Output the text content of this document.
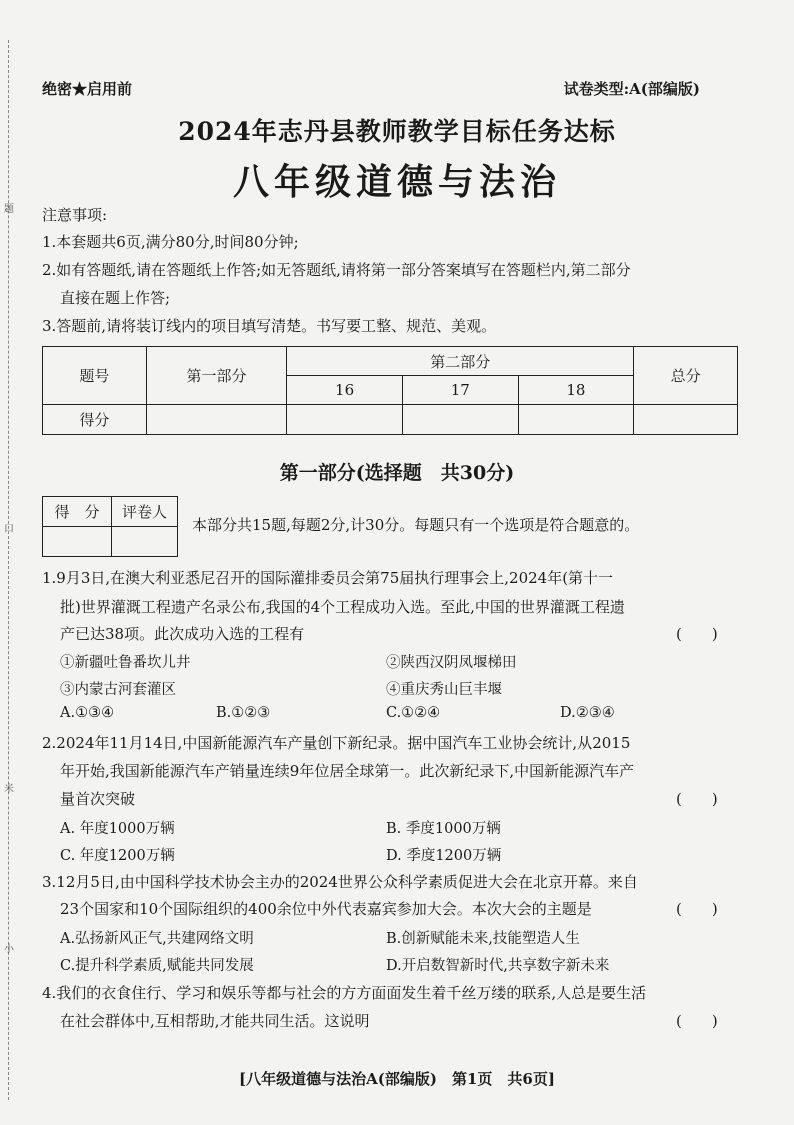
题
口
米
小
绝密★启用前	试卷类型:A(部编版)
2024年志丹县教师教学目标任务达标
八年级道德与法治
注意事项:
1.本套题共6页,满分80分,时间80分钟;
2.如有答题纸,请在答题纸上作答;如无答题纸,请将第一部分答案填写在答题栏内,第二部分
直接在题上作答;
3.答题前,请将装订线内的项目填写清楚。书写要工整、规范、美观。
题号	第一部分	第二部分			总分
		16	17	18	
得分					
第一部分(选择题　共30分)
得　分	评卷人

本部分共15题,每题2分,计30分。每题只有一个选项是符合题意的。
1.9月3日,在澳大利亚悉尼召开的国际灌排委员会第75届执行理事会上,2024年(第十一
批)世界灌溉工程遗产名录公布,我国的4个工程成功入选。至此,中国的世界灌溉工程遗
产已达38项。此次成功入选的工程有	(　　)
①新疆吐鲁番坎儿井	②陕西汉阴凤堰梯田
③内蒙古河套灌区	④重庆秀山巨丰堰
A.①③④	B.①②③	C.①②④	D.②③④
2.2024年11月14日,中国新能源汽车产量创下新纪录。据中国汽车工业协会统计,从2015
年开始,我国新能源汽车产销量连续9年位居全球第一。此次新纪录下,中国新能源汽车产
量首次突破	(　　)
A. 年度1000万辆	B. 季度1000万辆
C. 年度1200万辆	D. 季度1200万辆
3.12月5日,由中国科学技术协会主办的2024世界公众科学素质促进大会在北京开幕。来自
23个国家和10个国际组织的400余位中外代表嘉宾参加大会。本次大会的主题是	(　　)
A.弘扬新风正气,共建网络文明	B.创新赋能未来,技能塑造人生
C.提升科学素质,赋能共同发展	D.开启数智新时代,共享数字新未来
4.我们的衣食住行、学习和娱乐等都与社会的方方面面发生着千丝万缕的联系,人总是要生活
在社会群体中,互相帮助,才能共同生活。这说明	(　　)
[八年级道德与法治A(部编版)　第1页　共6页]
